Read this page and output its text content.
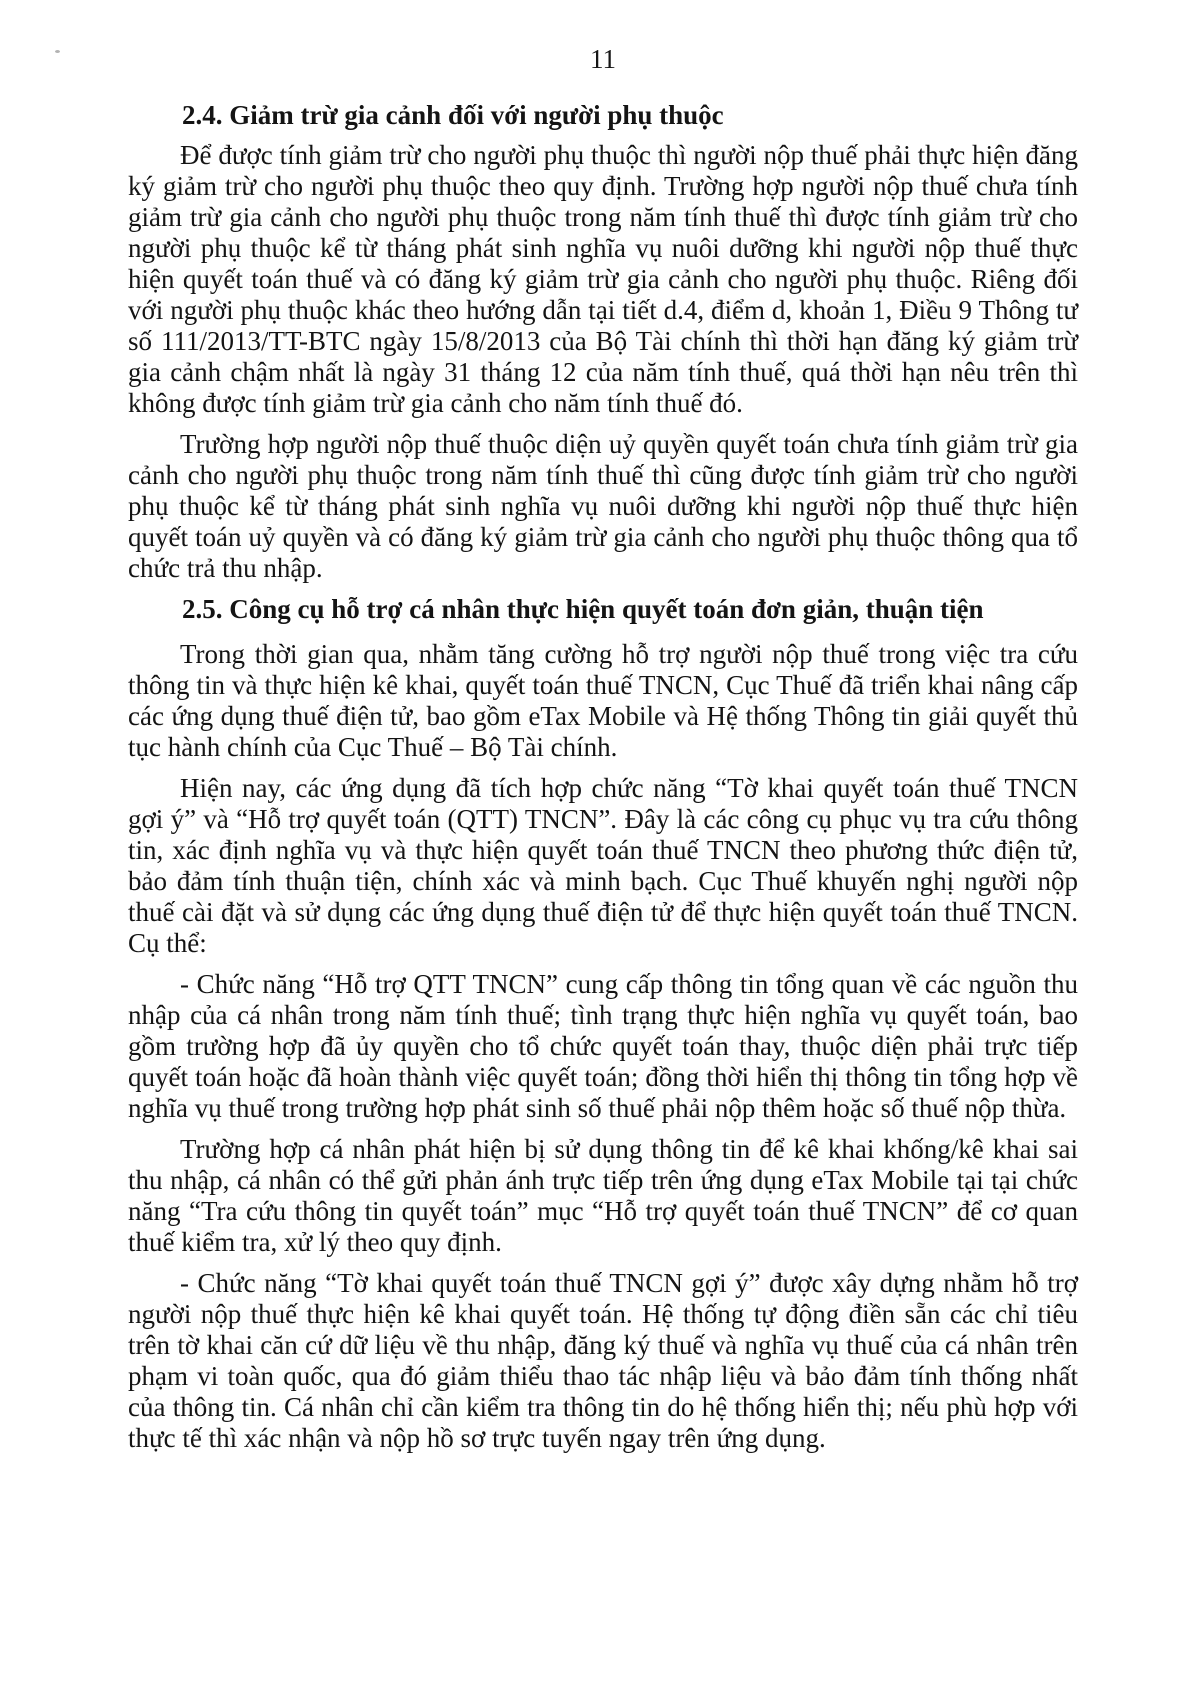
11
2.4. Giảm trừ gia cảnh đối với người phụ thuộc

Để được tính giảm trừ cho người phụ thuộc thì người nộp thuế phải thực hiện đăng ký giảm trừ cho người phụ thuộc theo quy định. Trường hợp người nộp thuế chưa tính giảm trừ gia cảnh cho người phụ thuộc trong năm tính thuế thì được tính giảm trừ cho người phụ thuộc kể từ tháng phát sinh nghĩa vụ nuôi dưỡng khi người nộp thuế thực hiện quyết toán thuế và có đăng ký giảm trừ gia cảnh cho người phụ thuộc. Riêng đối với người phụ thuộc khác theo hướng dẫn tại tiết d.4, điểm d, khoản 1, Điều 9 Thông tư số 111/2013/TT-BTC ngày 15/8/2013 của Bộ Tài chính thì thời hạn đăng ký giảm trừ gia cảnh chậm nhất là ngày 31 tháng 12 của năm tính thuế, quá thời hạn nêu trên thì không được tính giảm trừ gia cảnh cho năm tính thuế đó.

Trường hợp người nộp thuế thuộc diện uỷ quyền quyết toán chưa tính giảm trừ gia cảnh cho người phụ thuộc trong năm tính thuế thì cũng được tính giảm trừ cho người phụ thuộc kể từ tháng phát sinh nghĩa vụ nuôi dưỡng khi người nộp thuế thực hiện quyết toán uỷ quyền và có đăng ký giảm trừ gia cảnh cho người phụ thuộc thông qua tổ chức trả thu nhập.

2.5. Công cụ hỗ trợ cá nhân thực hiện quyết toán đơn giản, thuận tiện

Trong thời gian qua, nhằm tăng cường hỗ trợ người nộp thuế trong việc tra cứu thông tin và thực hiện kê khai, quyết toán thuế TNCN, Cục Thuế đã triển khai nâng cấp các ứng dụng thuế điện tử, bao gồm eTax Mobile và Hệ thống Thông tin giải quyết thủ tục hành chính của Cục Thuế – Bộ Tài chính.

Hiện nay, các ứng dụng đã tích hợp chức năng “Tờ khai quyết toán thuế TNCN gợi ý” và “Hỗ trợ quyết toán (QTT) TNCN”. Đây là các công cụ phục vụ tra cứu thông tin, xác định nghĩa vụ và thực hiện quyết toán thuế TNCN theo phương thức điện tử, bảo đảm tính thuận tiện, chính xác và minh bạch. Cục Thuế khuyến nghị người nộp thuế cài đặt và sử dụng các ứng dụng thuế điện tử để thực hiện quyết toán thuế TNCN. Cụ thể:

- Chức năng “Hỗ trợ QTT TNCN” cung cấp thông tin tổng quan về các nguồn thu nhập của cá nhân trong năm tính thuế; tình trạng thực hiện nghĩa vụ quyết toán, bao gồm trường hợp đã ủy quyền cho tổ chức quyết toán thay, thuộc diện phải trực tiếp quyết toán hoặc đã hoàn thành việc quyết toán; đồng thời hiển thị thông tin tổng hợp về nghĩa vụ thuế trong trường hợp phát sinh số thuế phải nộp thêm hoặc số thuế nộp thừa.

Trường hợp cá nhân phát hiện bị sử dụng thông tin để kê khai khống/kê khai sai thu nhập, cá nhân có thể gửi phản ánh trực tiếp trên ứng dụng eTax Mobile tại tại chức năng “Tra cứu thông tin quyết toán” mục “Hỗ trợ quyết toán thuế TNCN” để cơ quan thuế kiểm tra, xử lý theo quy định.

- Chức năng “Tờ khai quyết toán thuế TNCN gợi ý” được xây dựng nhằm hỗ trợ người nộp thuế thực hiện kê khai quyết toán. Hệ thống tự động điền sẵn các chỉ tiêu trên tờ khai căn cứ dữ liệu về thu nhập, đăng ký thuế và nghĩa vụ thuế của cá nhân trên phạm vi toàn quốc, qua đó giảm thiểu thao tác nhập liệu và bảo đảm tính thống nhất của thông tin. Cá nhân chỉ cần kiểm tra thông tin do hệ thống hiển thị; nếu phù hợp với thực tế thì xác nhận và nộp hồ sơ trực tuyến ngay trên ứng dụng.
